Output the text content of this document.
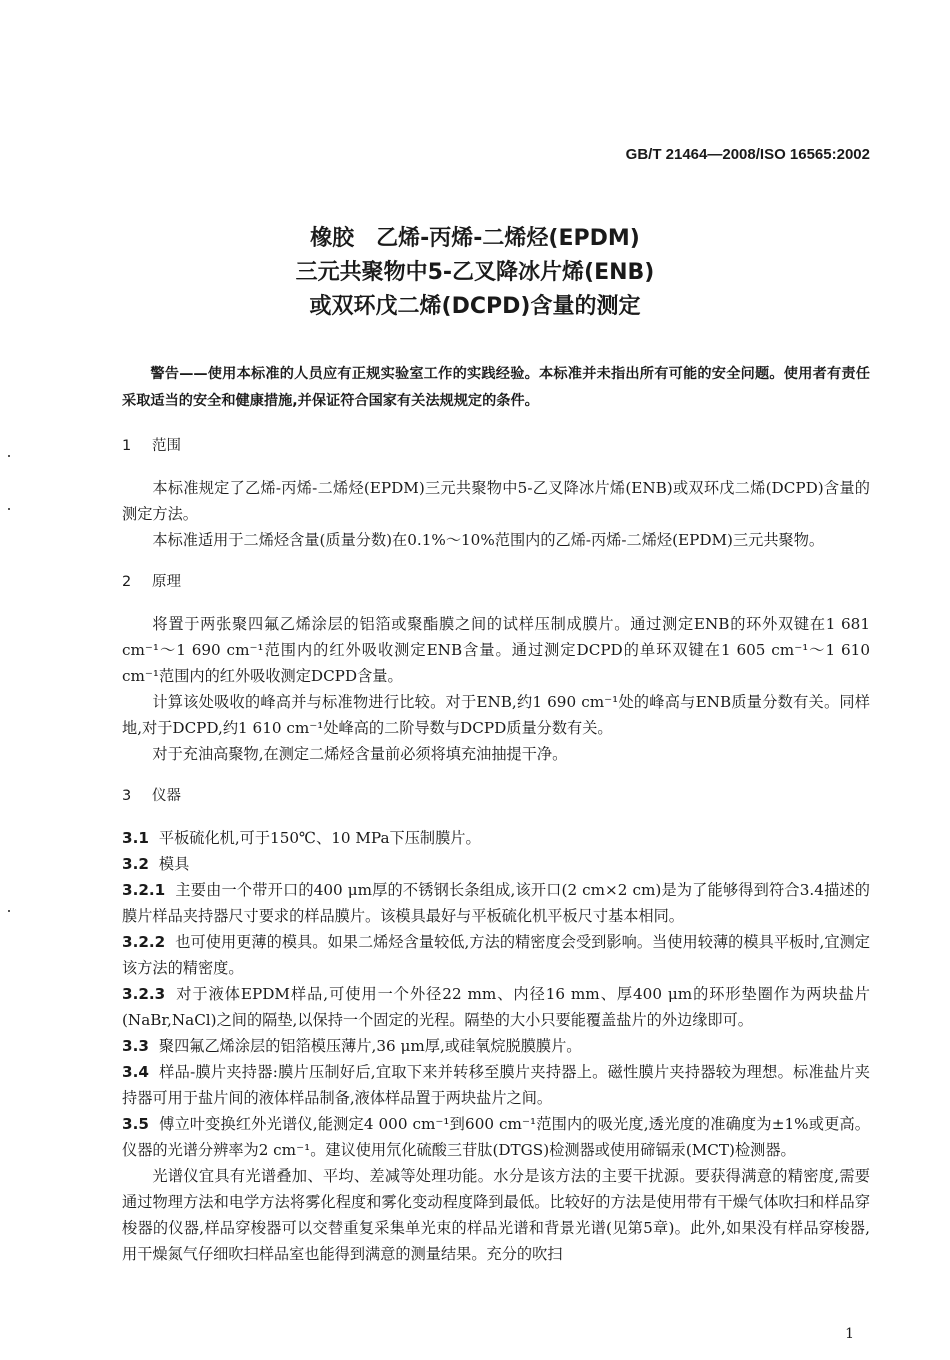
GB/T 21464—2008/ISO 16565:2002

橡胶　乙烯-丙烯-二烯烃(EPDM)
三元共聚物中5-乙叉降冰片烯(ENB)
或双环戊二烯(DCPD)含量的测定

警告——使用本标准的人员应有正规实验室工作的实践经验。本标准并未指出所有可能的安全问题。使用者有责任采取适当的安全和健康措施,并保证符合国家有关法规规定的条件。

1 范围

本标准规定了乙烯-丙烯-二烯烃(EPDM)三元共聚物中5-乙叉降冰片烯(ENB)或双环戊二烯(DCPD)含量的测定方法。

本标准适用于二烯烃含量(质量分数)在0.1%～10%范围内的乙烯-丙烯-二烯烃(EPDM)三元共聚物。

2 原理

将置于两张聚四氟乙烯涂层的铝箔或聚酯膜之间的试样压制成膜片。通过测定ENB的环外双键在1 681 cm⁻¹～1 690 cm⁻¹范围内的红外吸收测定ENB含量。通过测定DCPD的单环双键在1 605 cm⁻¹～1 610 cm⁻¹范围内的红外吸收测定DCPD含量。

计算该处吸收的峰高并与标准物进行比较。对于ENB,约1 690 cm⁻¹处的峰高与ENB质量分数有关。同样地,对于DCPD,约1 610 cm⁻¹处峰高的二阶导数与DCPD质量分数有关。

对于充油高聚物,在测定二烯烃含量前必须将填充油抽提干净。

3 仪器

3.1 平板硫化机,可于150℃、10 MPa下压制膜片。

3.2 模具

3.2.1 主要由一个带开口的400 μm厚的不锈钢长条组成,该开口(2 cm×2 cm)是为了能够得到符合3.4描述的膜片样品夹持器尺寸要求的样品膜片。该模具最好与平板硫化机平板尺寸基本相同。

3.2.2 也可使用更薄的模具。如果二烯烃含量较低,方法的精密度会受到影响。当使用较薄的模具平板时,宜测定该方法的精密度。

3.2.3 对于液体EPDM样品,可使用一个外径22 mm、内径16 mm、厚400 μm的环形垫圈作为两块盐片(NaBr,NaCl)之间的隔垫,以保持一个固定的光程。隔垫的大小只要能覆盖盐片的外边缘即可。

3.3 聚四氟乙烯涂层的铝箔模压薄片,36 μm厚,或硅氧烷脱膜膜片。

3.4 样品-膜片夹持器:膜片压制好后,宜取下来并转移至膜片夹持器上。磁性膜片夹持器较为理想。标准盐片夹持器可用于盐片间的液体样品制备,液体样品置于两块盐片之间。

3.5 傅立叶变换红外光谱仪,能测定4 000 cm⁻¹到600 cm⁻¹范围内的吸光度,透光度的准确度为±1%或更高。仪器的光谱分辨率为2 cm⁻¹。建议使用氘化硫酸三苷肽(DTGS)检测器或使用碲镉汞(MCT)检测器。

光谱仪宜具有光谱叠加、平均、差减等处理功能。水分是该方法的主要干扰源。要获得满意的精密度,需要通过物理方法和电学方法将雾化程度和雾化变动程度降到最低。比较好的方法是使用带有干燥气体吹扫和样品穿梭器的仪器,样品穿梭器可以交替重复采集单光束的样品光谱和背景光谱(见第5章)。此外,如果没有样品穿梭器,用干燥氮气仔细吹扫样品室也能得到满意的测量结果。充分的吹扫

1
